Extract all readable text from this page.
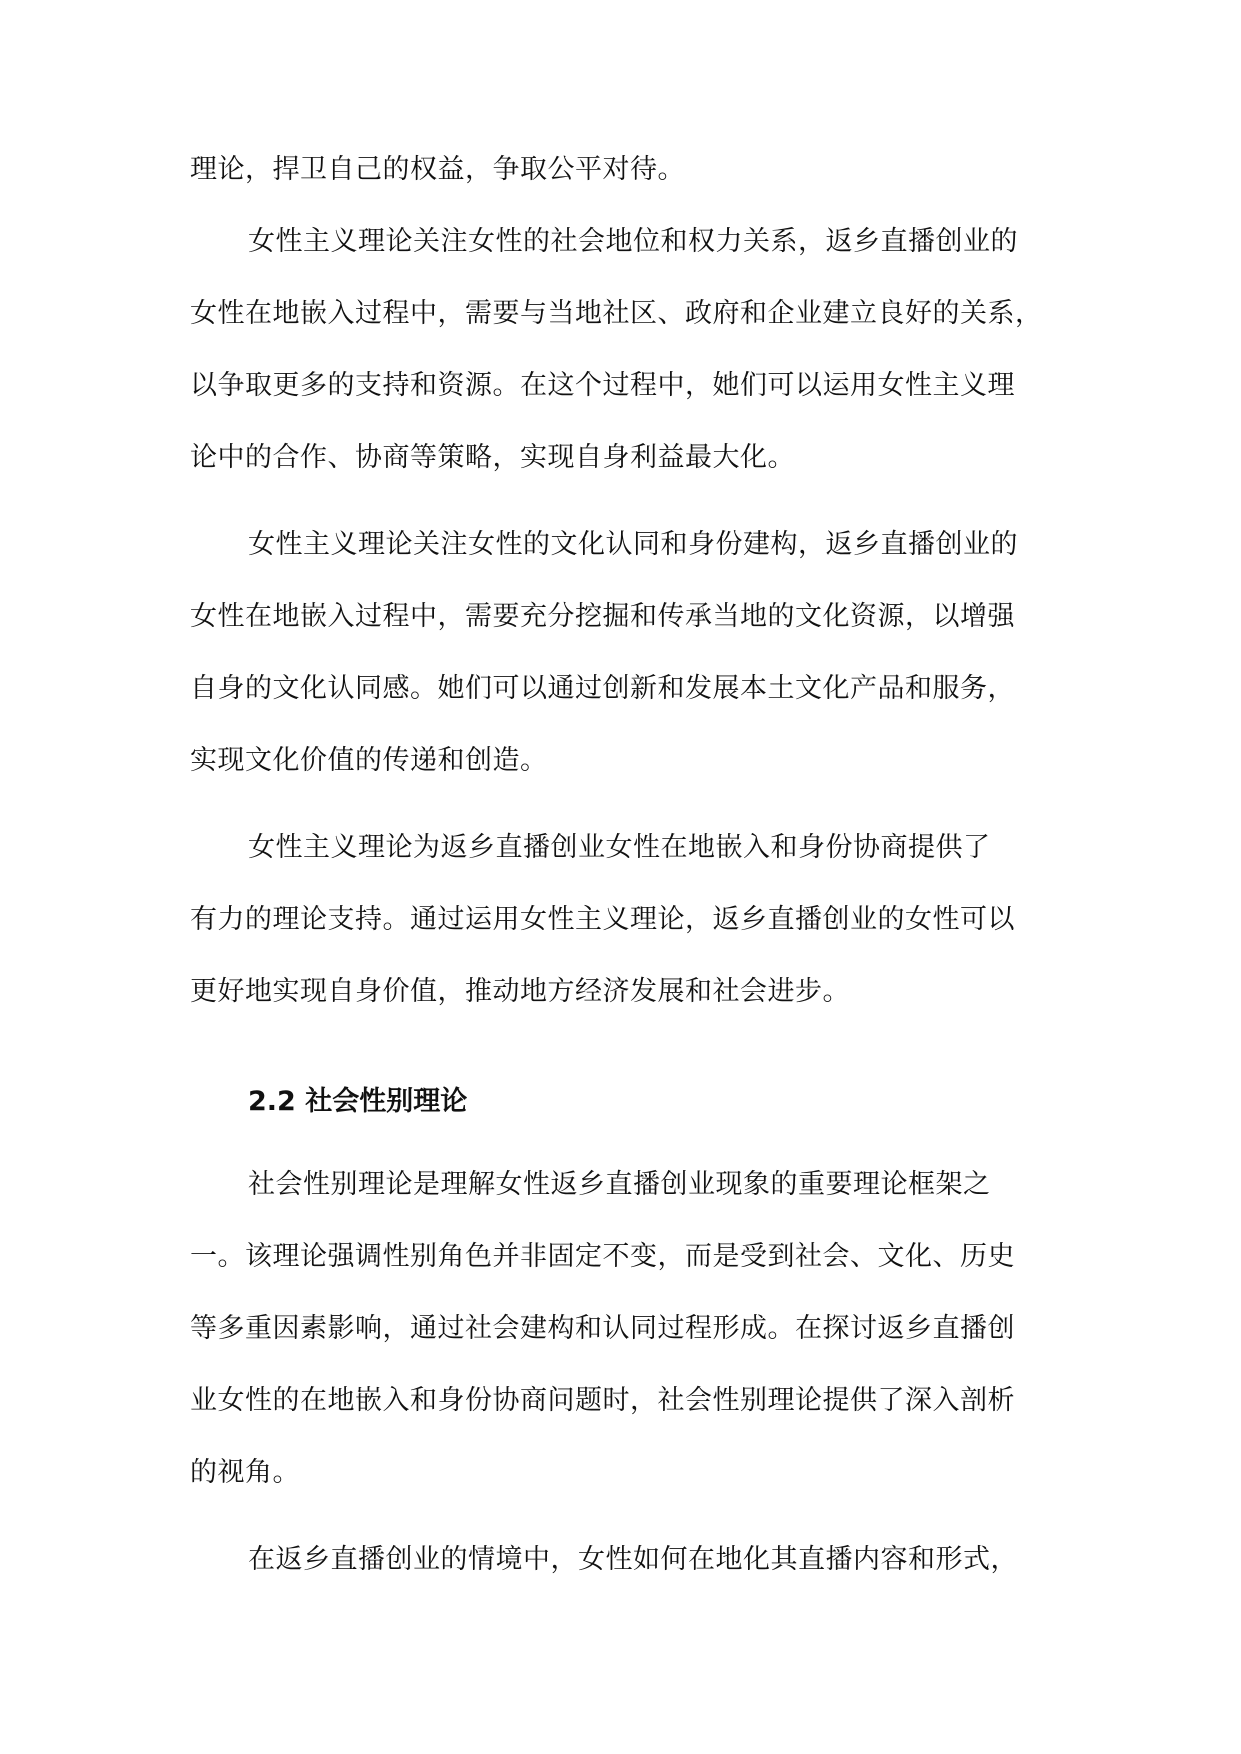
理论，捍卫自己的权益，争取公平对待。
女性主义理论关注女性的社会地位和权力关系，返乡直播创业的
女性在地嵌入过程中，需要与当地社区、政府和企业建立良好的关系，
以争取更多的支持和资源。在这个过程中，她们可以运用女性主义理
论中的合作、协商等策略，实现自身利益最大化。
女性主义理论关注女性的文化认同和身份建构，返乡直播创业的
女性在地嵌入过程中，需要充分挖掘和传承当地的文化资源，以增强
自身的文化认同感。她们可以通过创新和发展本土文化产品和服务，
实现文化价值的传递和创造。
女性主义理论为返乡直播创业女性在地嵌入和身份协商提供了
有力的理论支持。通过运用女性主义理论，返乡直播创业的女性可以
更好地实现自身价值，推动地方经济发展和社会进步。
2.2 社会性别理论
社会性别理论是理解女性返乡直播创业现象的重要理论框架之
一。该理论强调性别角色并非固定不变，而是受到社会、文化、历史
等多重因素影响，通过社会建构和认同过程形成。在探讨返乡直播创
业女性的在地嵌入和身份协商问题时，社会性别理论提供了深入剖析
的视角。
在返乡直播创业的情境中，女性如何在地化其直播内容和形式，
